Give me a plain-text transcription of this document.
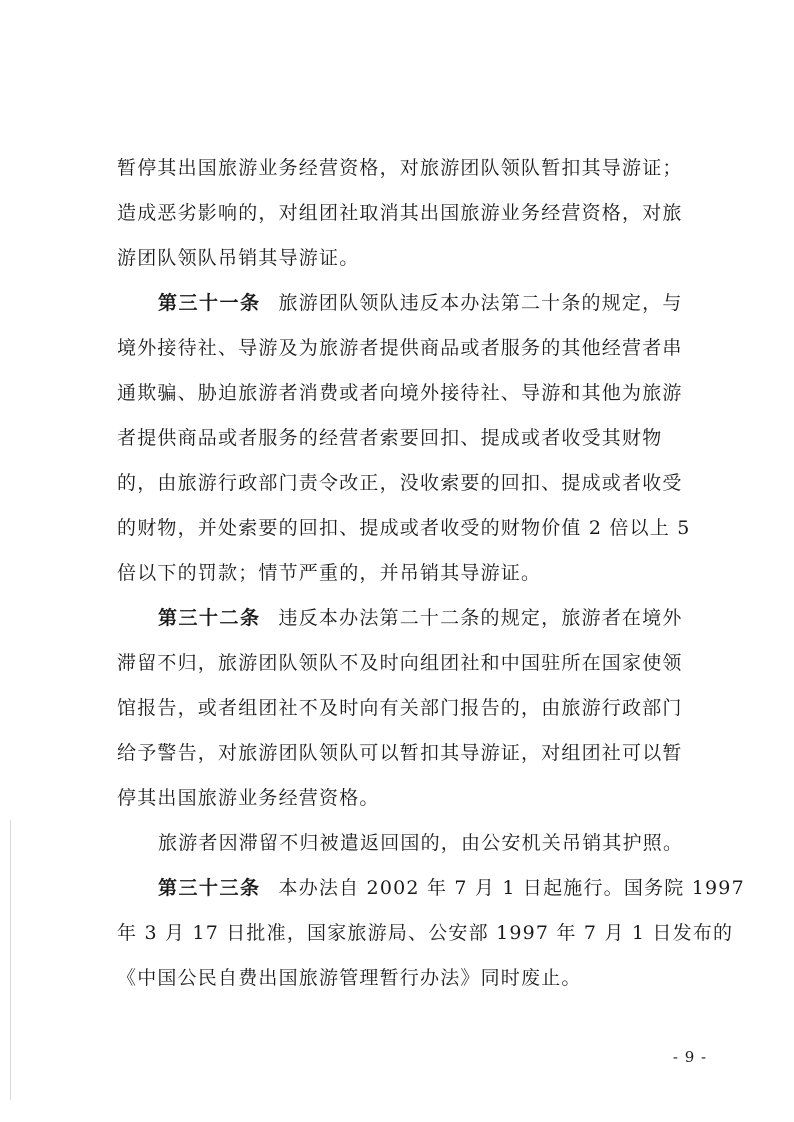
暂停其出国旅游业务经营资格，对旅游团队领队暂扣其导游证；
造成恶劣影响的，对组团社取消其出国旅游业务经营资格，对旅
游团队领队吊销其导游证。
第三十一条 旅游团队领队违反本办法第二十条的规定，与
境外接待社、导游及为旅游者提供商品或者服务的其他经营者串
通欺骗、胁迫旅游者消费或者向境外接待社、导游和其他为旅游
者提供商品或者服务的经营者索要回扣、提成或者收受其财物
的，由旅游行政部门责令改正，没收索要的回扣、提成或者收受
的财物，并处索要的回扣、提成或者收受的财物价值 2 倍以上 5
倍以下的罚款；情节严重的，并吊销其导游证。
第三十二条 违反本办法第二十二条的规定，旅游者在境外
滞留不归，旅游团队领队不及时向组团社和中国驻所在国家使领
馆报告，或者组团社不及时向有关部门报告的，由旅游行政部门
给予警告，对旅游团队领队可以暂扣其导游证，对组团社可以暂
停其出国旅游业务经营资格。
旅游者因滞留不归被遣返回国的，由公安机关吊销其护照。
第三十三条 本办法自 2002 年 7 月 1 日起施行。国务院 1997
年 3 月 17 日批准，国家旅游局、公安部 1997 年 7 月 1 日发布的
《中国公民自费出国旅游管理暂行办法》同时废止。
- 9 -
